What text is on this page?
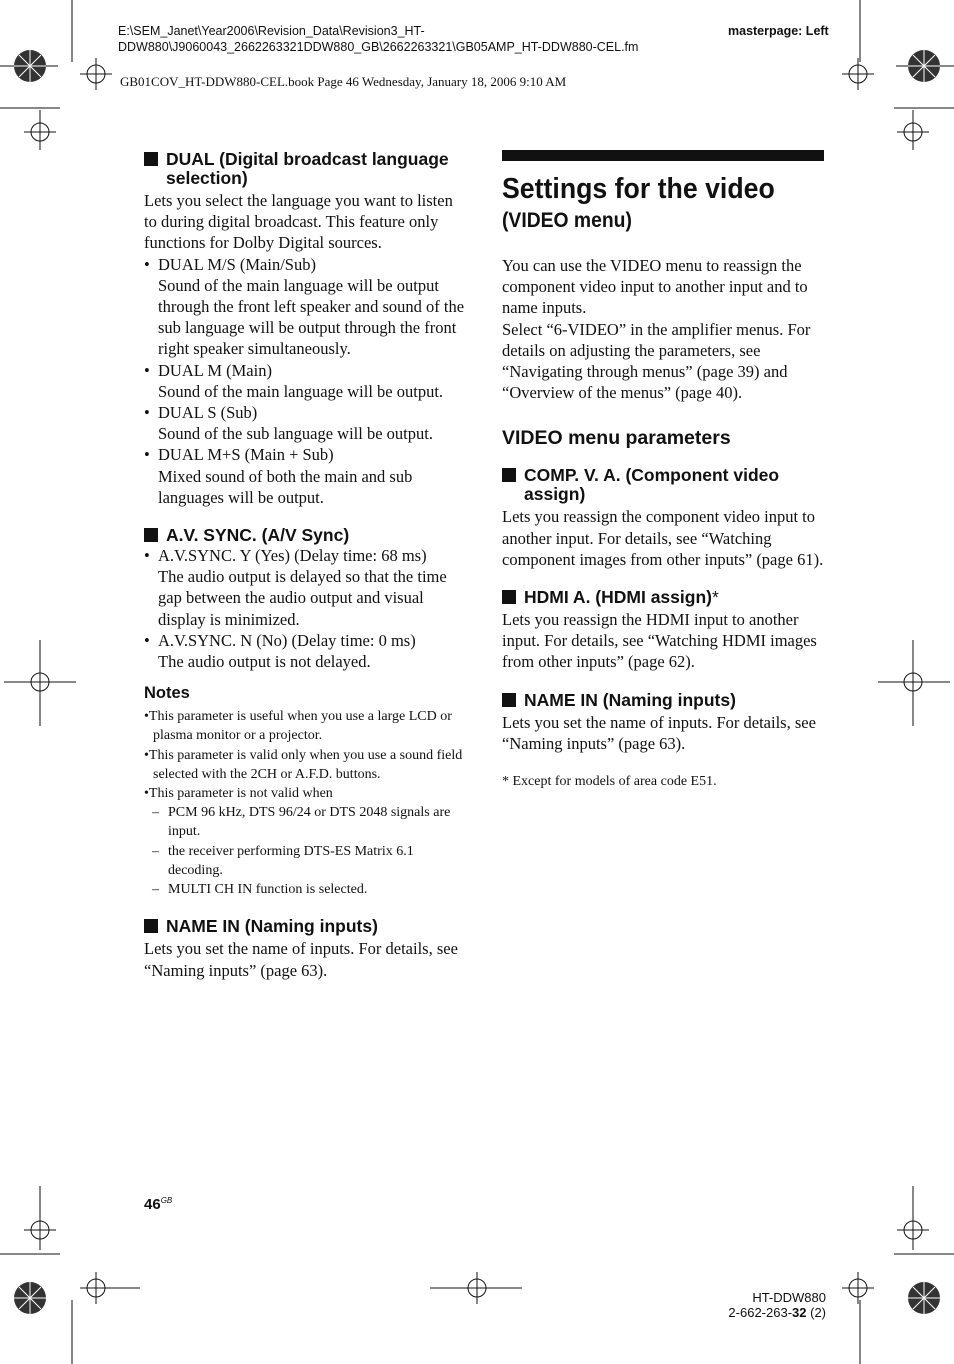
E:\SEM_Janet\Year2006\Revision_Data\Revision3_HT-
DDW880\J9060043_2662263321DDW880_GB\2662263321\GB05AMP_HT-DDW880-CEL.fm
masterpage: Left
GB01COV_HT-DDW880-CEL.book Page 46 Wednesday, January 18, 2006 9:10 AM
DUAL (Digital broadcast language selection)

Lets you select the language you want to listen to during digital broadcast. This feature only functions for Dolby Digital sources.

• DUAL M/S (Main/Sub)

Sound of the main language will be output through the front left speaker and sound of the sub language will be output through the front right speaker simultaneously.

• DUAL M (Main)

Sound of the main language will be output.

• DUAL S (Sub)

Sound of the sub language will be output.

• DUAL M+S (Main + Sub)

Mixed sound of both the main and sub languages will be output.

A.V. SYNC. (A/V Sync)

• A.V.SYNC. Y (Yes) (Delay time: 68 ms)

The audio output is delayed so that the time gap between the audio output and visual display is minimized.

• A.V.SYNC. N (No) (Delay time: 0 ms)

The audio output is not delayed.

Notes

•This parameter is useful when you use a large LCD or plasma monitor or a projector.

•This parameter is valid only when you use a sound field selected with the 2CH or A.F.D. buttons.

•This parameter is not valid when

– PCM 96 kHz, DTS 96/24 or DTS 2048 signals are input.

– the receiver performing DTS-ES Matrix 6.1 decoding.

– MULTI CH IN function is selected.

NAME IN (Naming inputs)

Lets you set the name of inputs. For details, see “Naming inputs” (page 63).

Settings for the video
(VIDEO menu)

You can use the VIDEO menu to reassign the component video input to another input and to name inputs.

Select “6-VIDEO” in the amplifier menus. For details on adjusting the parameters, see “Navigating through menus” (page 39) and “Overview of the menus” (page 40).

VIDEO menu parameters
COMP. V. A. (Component video assign)

Lets you reassign the component video input to another input. For details, see “Watching component images from other inputs” (page 61).

HDMI A. (HDMI assign)*

Lets you reassign the HDMI input to another input. For details, see “Watching HDMI images from other inputs” (page 62).

NAME IN (Naming inputs)

Lets you set the name of inputs. For details, see “Naming inputs” (page 63).

* Except for models of area code E51.

$46^{GB}$
HT-DDW880
2-662-263-32 (2)
